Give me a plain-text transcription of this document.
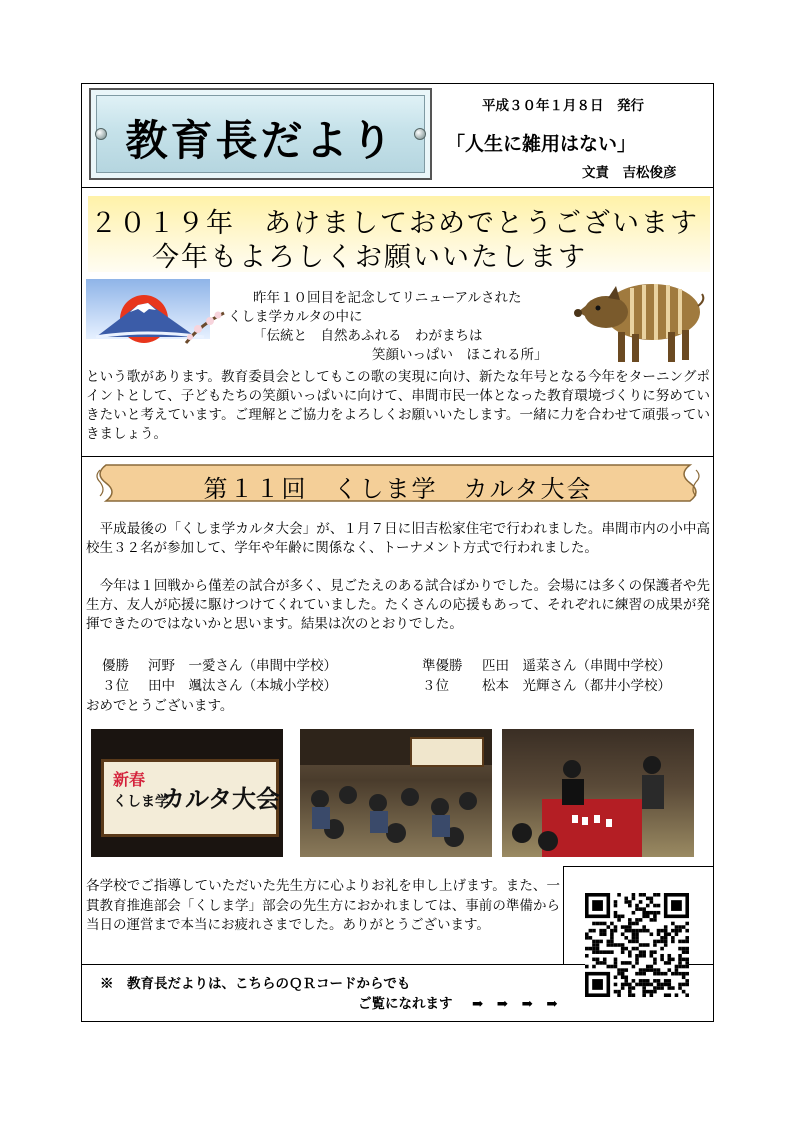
教育長だより
平成３０年１月８日　発行
「人生に雑用はない」
文責　吉松俊彦
２０１９年　あけましておめでとうございます
今年もよろしくお願いいたします
昨年１０回目を記念してリニューアルされた
くしま学カルタの中に
「伝統と　自然あふれる　わがまちは
笑顔いっぱい　ほこれる所」
という歌があります。教育委員会としてもこの歌の実現に向け、新たな年号となる今年をターニングポイントとして、子どもたちの笑顔いっぱいに向けて、串間市民一体となった教育環境づくりに努めていきたいと考えています。ご理解とご協力をよろしくお願いいたします。一緒に力を合わせて頑張っていきましょう。
第１１回　くしま学　カルタ大会
　平成最後の「くしま学カルタ大会」が、１月７日に旧吉松家住宅で行われました。串間市内の小中高校生３２名が参加して、学年や年齢に関係なく、トーナメント方式で行われました。
　今年は１回戦から僅差の試合が多く、見ごたえのある試合ばかりでした。会場には多くの保護者や先生方、友人が応援に駆けつけてくれていました。たくさんの応援もあって、それぞれに練習の成果が発揮できたのではないかと思います。結果は次のとおりでした。
優勝 河野　一愛さん（串間中学校）	準優勝 匹田　遥菜さん（串間中学校）
３位 田中　颯汰さん（本城小学校）	３位 松本　光輝さん（都井小学校）
おめでとうございます。
新春
くしま学
カルタ大会
各学校でご指導していただいた先生方に心よりお礼を申し上げます。また、一貫教育推進部会「くしま学」部会の先生方におかれましては、事前の準備から当日の運営まで本当にお疲れさまでした。ありがとうございます。
※　教育長だよりは、こちらのＱＲコードからでも
ご覧になれます ➡　➡　➡　➡
